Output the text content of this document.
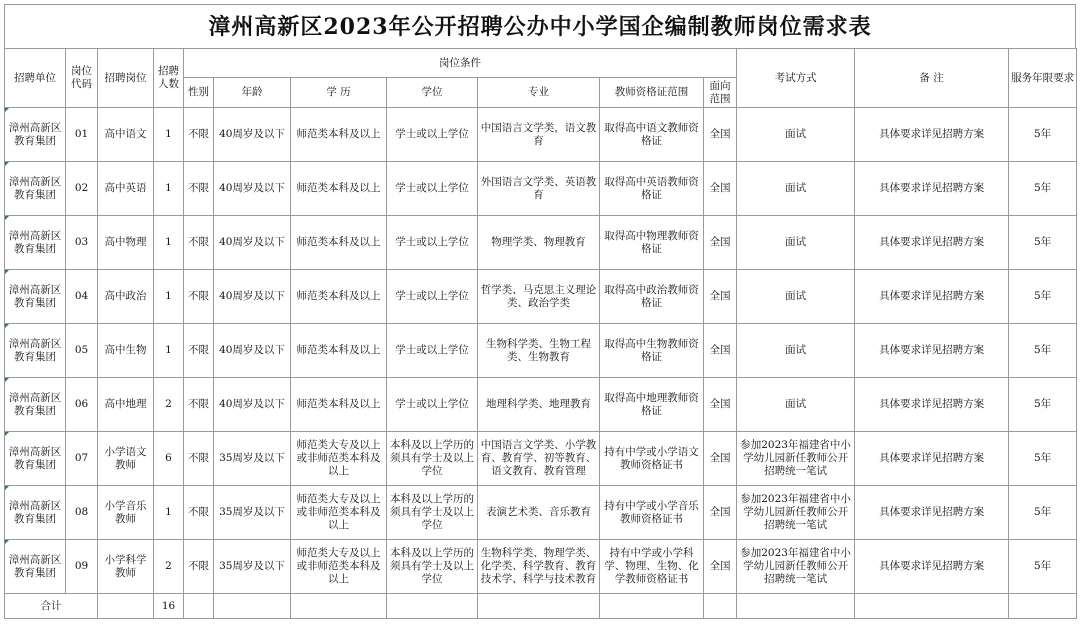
漳州高新区2023年公开招聘公办中小学国企编制教师岗位需求表
招聘单位	岗位代码	招聘岗位	招聘人数	岗位条件							考试方式	备 注	服务年限要求
				性别	年龄	学 历	学位	专业	教师资格证范围	面向范围			

漳州高新区教育集团	01	高中语文	1	不限	40周岁及以下	师范类本科及以上	学士或以上学位	中国语言文学类，语文教育	取得高中语文教师资格证	全国	面试	具体要求详见招聘方案	5年

漳州高新区教育集团	02	高中英语	1	不限	40周岁及以下	师范类本科及以上	学士或以上学位	外国语言文学类、英语教育	取得高中英语教师资格证	全国	面试	具体要求详见招聘方案	5年

漳州高新区教育集团	03	高中物理	1	不限	40周岁及以下	师范类本科及以上	学士或以上学位	物理学类、物理教育	取得高中物理教师资格证	全国	面试	具体要求详见招聘方案	5年

漳州高新区教育集团	04	高中政治	1	不限	40周岁及以下	师范类本科及以上	学士或以上学位	哲学类、马克思主义理论类、政治学类	取得高中政治教师资格证	全国	面试	具体要求详见招聘方案	5年

漳州高新区教育集团	05	高中生物	1	不限	40周岁及以下	师范类本科及以上	学士或以上学位	生物科学类、生物工程类、生物教育	取得高中生物教师资格证	全国	面试	具体要求详见招聘方案	5年

漳州高新区教育集团	06	高中地理	2	不限	40周岁及以下	师范类本科及以上	学士或以上学位	地理科学类、地理教育	取得高中地理教师资格证	全国	面试	具体要求详见招聘方案	5年

漳州高新区教育集团	07	小学语文教师	6	不限	35周岁及以下	师范类大专及以上或非师范类本科及以上	本科及以上学历的须具有学士及以上学位	中国语言文学类、小学教育、教育学、初等教育、语文教育、教育管理	持有中学或小学语文教师资格证书	全国	参加2023年福建省中小学幼儿园新任教师公开招聘统一笔试	具体要求详见招聘方案	5年

漳州高新区教育集团	08	小学音乐教师	1	不限	35周岁及以下	师范类大专及以上或非师范类本科及以上	本科及以上学历的须具有学士及以上学位	表演艺术类、音乐教育	持有中学或小学音乐教师资格证书	全国	参加2023年福建省中小学幼儿园新任教师公开招聘统一笔试	具体要求详见招聘方案	5年

漳州高新区教育集团	09	小学科学教师	2	不限	35周岁及以下	师范类大专及以上或非师范类本科及以上	本科及以上学历的须具有学士及以上学位	生物科学类、物理学类、化学类、科学教育、教育技术学、科学与技术教育	持有中学或小学科学、物理、生物、化学教师资格证书	全国	参加2023年福建省中小学幼儿园新任教师公开招聘统一笔试	具体要求详见招聘方案	5年
合计			16										
